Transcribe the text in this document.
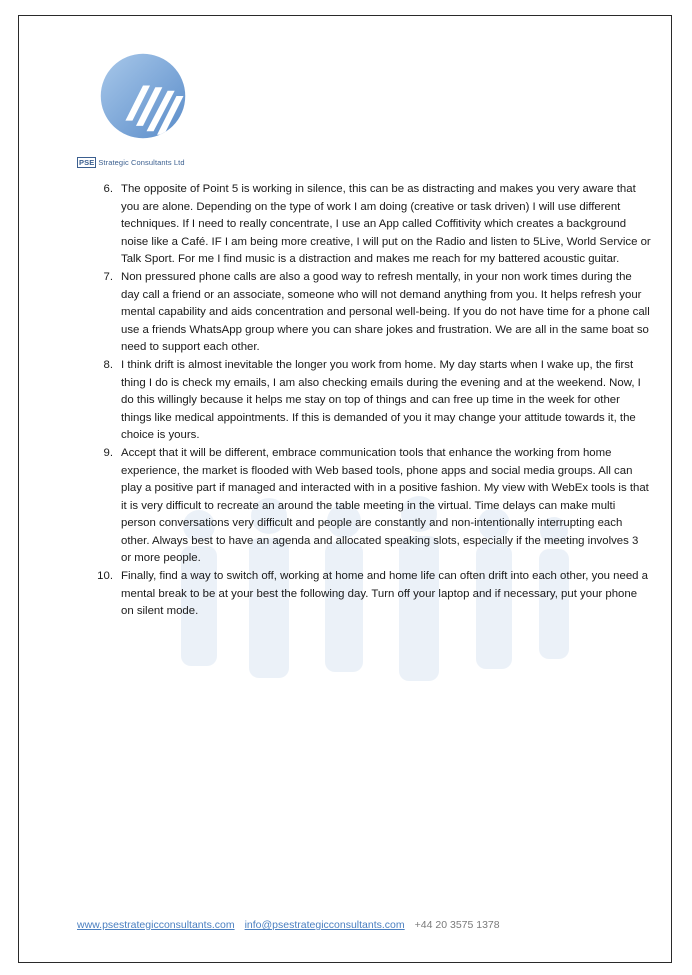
PSE Strategic Consultants Ltd
6. The opposite of Point 5 is working in silence, this can be as distracting and makes you very aware that you are alone. Depending on the type of work I am doing (creative or task driven) I will use different techniques. If I need to really concentrate, I use an App called Coffitivity which creates a background noise like a Café. IF I am being more creative, I will put on the Radio and listen to 5Live, World Service or Talk Sport. For me I find music is a distraction and makes me reach for my battered acoustic guitar.
7. Non pressured phone calls are also a good way to refresh mentally, in your non work times during the day call a friend or an associate, someone who will not demand anything from you. It helps refresh your mental capability and aids concentration and personal well-being. If you do not have time for a phone call use a friends WhatsApp group where you can share jokes and frustration. We are all in the same boat so need to support each other.
8. I think drift is almost inevitable the longer you work from home. My day starts when I wake up, the first thing I do is check my emails, I am also checking emails during the evening and at the weekend. Now, I do this willingly because it helps me stay on top of things and can free up time in the week for other things like medical appointments. If this is demanded of you it may change your attitude towards it, the choice is yours.
9. Accept that it will be different, embrace communication tools that enhance the working from home experience, the market is flooded with Web based tools, phone apps and social media groups. All can play a positive part if managed and interacted with in a positive fashion. My view with WebEx tools is that it is very difficult to recreate an around the table meeting in the virtual. Time delays can make multi person conversations very difficult and people are constantly and non-intentionally interrupting each other. Always best to have an agenda and allocated speaking slots, especially if the meeting involves 3 or more people.
10. Finally, find a way to switch off, working at home and home life can often drift into each other, you need a mental break to be at your best the following day. Turn off your laptop and if necessary, put your phone on silent mode.
www.psestrategicconsultants.com info@psestrategicconsultants.com +44 20 3575 1378
